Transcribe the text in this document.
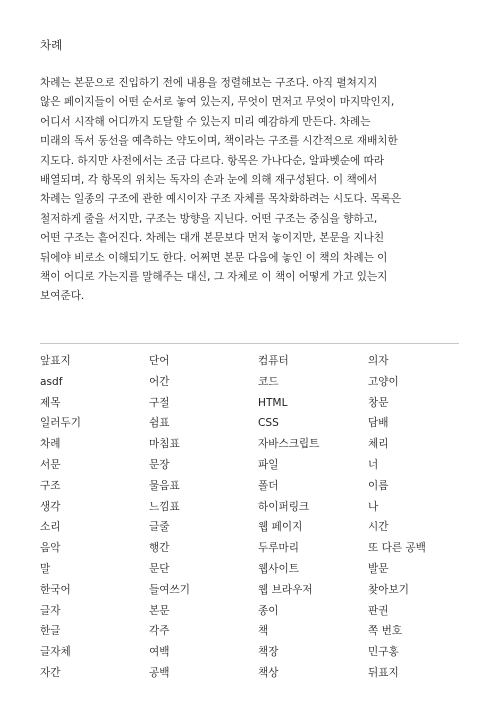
차례

차례는 본문으로 진입하기 전에 내용을 정렬해보는 구조다. 아직 펼쳐지지
않은 페이지들이 어떤 순서로 놓여 있는지, 무엇이 먼저고 무엇이 마지막인지,
어디서 시작해 어디까지 도달할 수 있는지 미리 예감하게 만든다. 차례는
미래의 독서 동선을 예측하는 약도이며, 책이라는 구조를 시간적으로 재배치한
지도다. 하지만 사전에서는 조금 다르다. 항목은 가나다순, 알파벳순에 따라
배열되며, 각 항목의 위치는 독자의 손과 눈에 의해 재구성된다. 이 책에서
차례는 일종의 구조에 관한 예시이자 구조 자체를 목차화하려는 시도다. 목록은
철저하게 줄을 서지만, 구조는 방향을 지닌다. 어떤 구조는 중심을 향하고,
어떤 구조는 흩어진다. 차례는 대개 본문보다 먼저 놓이지만, 본문을 지나친
뒤에야 비로소 이해되기도 한다. 어쩌면 본문 다음에 놓인 이 책의 차례는 이
책이 어디로 가는지를 말해주는 대신, 그 자체로 이 책이 어떻게 가고 있는지
보여준다.

앞표지	단어	컴퓨터	의자
asdf	어간	코드	고양이
제목	구절	HTML	창문
일러두기	쉼표	CSS	담배
차례	마침표	자바스크립트	체리
서문	문장	파일	너
구조	물음표	폴더	이름
생각	느낌표	하이퍼링크	나
소리	글줄	웹 페이지	시간
음악	행간	두루마리	또 다른 공백
말	문단	웹사이트	발문
한국어	들여쓰기	웹 브라우저	찾아보기
글자	본문	종이	판권
한글	각주	책	쪽 번호
글자체	여백	책장	민구홍
자간	공백	책상	뒤표지
